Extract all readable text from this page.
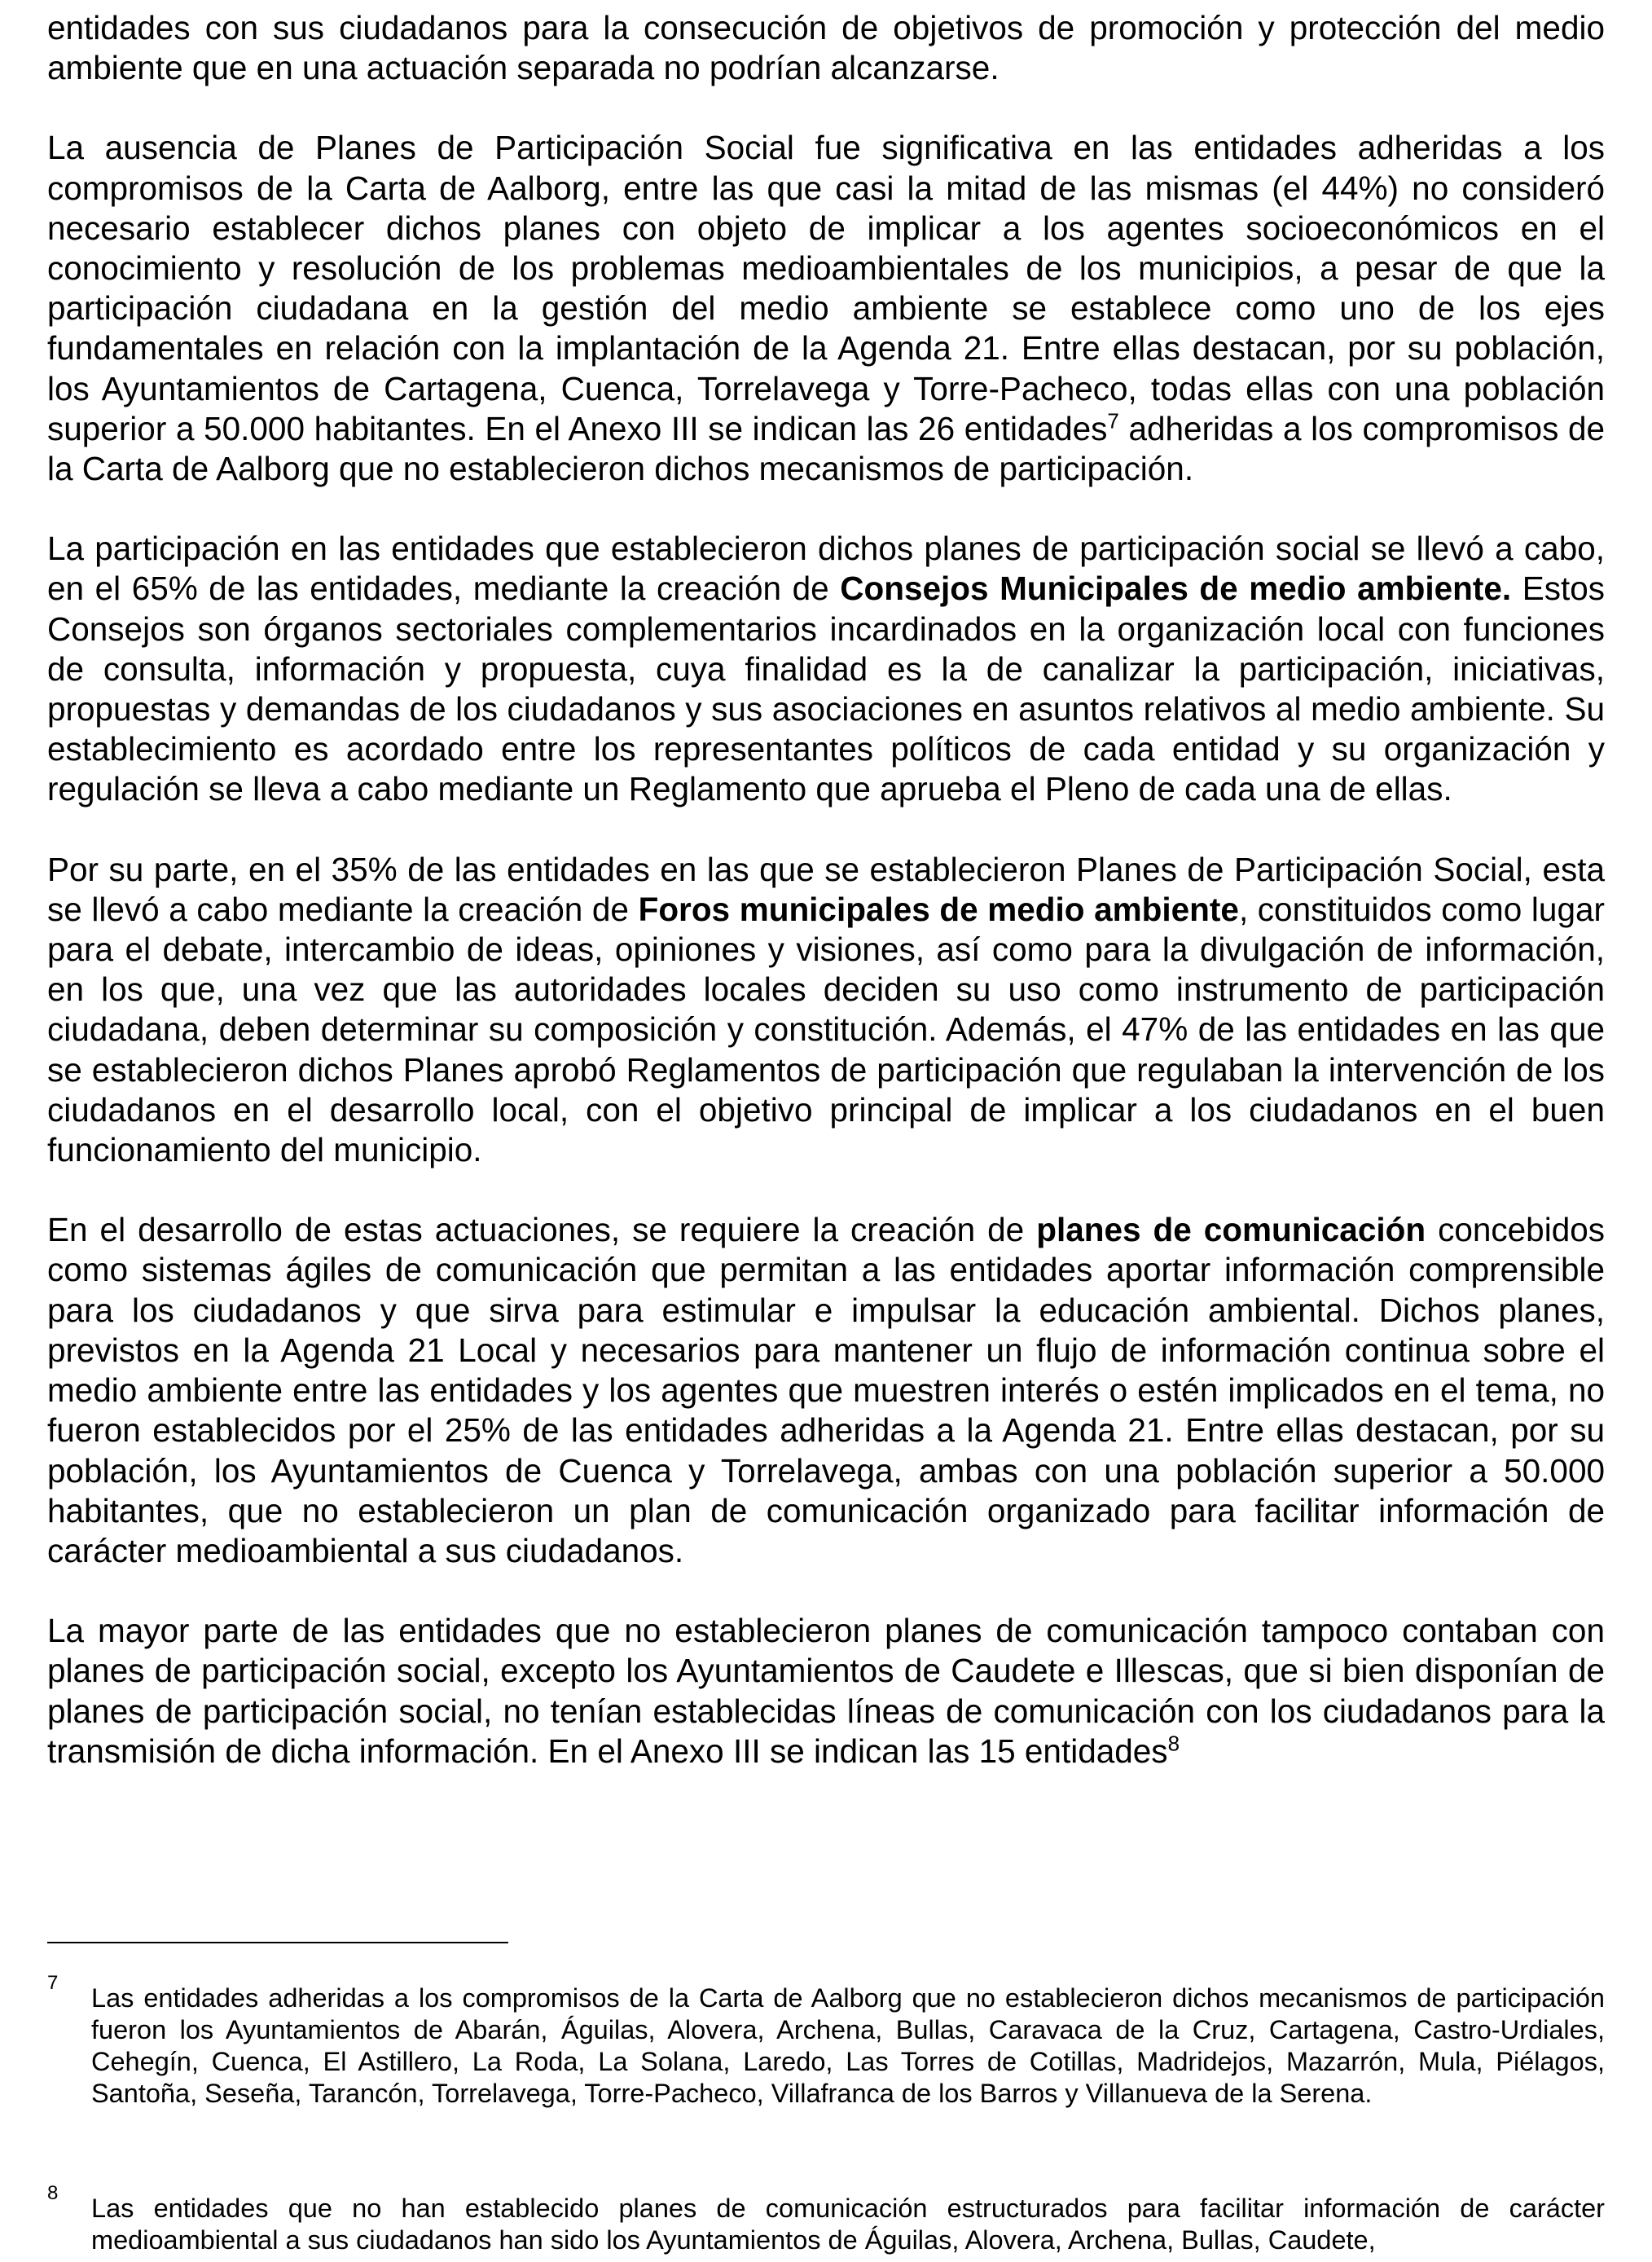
entidades con sus ciudadanos para la consecución de objetivos de promoción y protección del medio ambiente que en una actuación separada no podrían alcanzarse.

La ausencia de Planes de Participación Social fue significativa en las entidades adheridas a los compromisos de la Carta de Aalborg, entre las que casi la mitad de las mismas (el 44%) no consideró necesario establecer dichos planes con objeto de implicar a los agentes socioeconómicos en el conocimiento y resolución de los problemas medioambientales de los municipios, a pesar de que la participación ciudadana en la gestión del medio ambiente se establece como uno de los ejes fundamentales en relación con la implantación de la Agenda 21. Entre ellas destacan, por su población, los Ayuntamientos de Cartagena, Cuenca, Torrelavega y Torre-Pacheco, todas ellas con una población superior a 50.000 habitantes. En el Anexo III se indican las 26 entidades$^7$ adheridas a los compromisos de la Carta de Aalborg que no establecieron dichos mecanismos de participación.

La participación en las entidades que establecieron dichos planes de participación social se llevó a cabo, en el 65% de las entidades, mediante la creación de Consejos Municipales de medio ambiente. Estos Consejos son órganos sectoriales complementarios incardinados en la organización local con funciones de consulta, información y propuesta, cuya finalidad es la de canalizar la participación, iniciativas, propuestas y demandas de los ciudadanos y sus asociaciones en asuntos relativos al medio ambiente. Su establecimiento es acordado entre los representantes políticos de cada entidad y su organización y regulación se lleva a cabo mediante un Reglamento que aprueba el Pleno de cada una de ellas.

Por su parte, en el 35% de las entidades en las que se establecieron Planes de Participación Social, esta se llevó a cabo mediante la creación de Foros municipales de medio ambiente, constituidos como lugar para el debate, intercambio de ideas, opiniones y visiones, así como para la divulgación de información, en los que, una vez que las autoridades locales deciden su uso como instrumento de participación ciudadana, deben determinar su composición y constitución. Además, el 47% de las entidades en las que se establecieron dichos Planes aprobó Reglamentos de participación que regulaban la intervención de los ciudadanos en el desarrollo local, con el objetivo principal de implicar a los ciudadanos en el buen funcionamiento del municipio.

En el desarrollo de estas actuaciones, se requiere la creación de planes de comunicación concebidos como sistemas ágiles de comunicación que permitan a las entidades aportar información comprensible para los ciudadanos y que sirva para estimular e impulsar la educación ambiental. Dichos planes, previstos en la Agenda 21 Local y necesarios para mantener un flujo de información continua sobre el medio ambiente entre las entidades y los agentes que muestren interés o estén implicados en el tema, no fueron establecidos por el 25% de las entidades adheridas a la Agenda 21. Entre ellas destacan, por su población, los Ayuntamientos de Cuenca y Torrelavega, ambas con una población superior a 50.000 habitantes, que no establecieron un plan de comunicación organizado para facilitar información de carácter medioambiental a sus ciudadanos.

La mayor parte de las entidades que no establecieron planes de comunicación tampoco contaban con planes de participación social, excepto los Ayuntamientos de Caudete e Illescas, que si bien disponían de planes de participación social, no tenían establecidas líneas de comunicación con los ciudadanos para la transmisión de dicha información. En el Anexo III se indican las 15 entidades$^8$

7
Las entidades adheridas a los compromisos de la Carta de Aalborg que no establecieron dichos mecanismos de participación fueron los Ayuntamientos de Abarán, Águilas, Alovera, Archena, Bullas, Caravaca de la Cruz, Cartagena, Castro-Urdiales, Cehegín, Cuenca, El Astillero, La Roda, La Solana, Laredo, Las Torres de Cotillas, Madridejos, Mazarrón, Mula, Piélagos, Santoña, Seseña, Tarancón, Torrelavega, Torre-Pacheco, Villafranca de los Barros y Villanueva de la Serena.
8
Las entidades que no han establecido planes de comunicación estructurados para facilitar información de carácter medioambiental a sus ciudadanos han sido los Ayuntamientos de Águilas, Alovera, Archena, Bullas, Caudete,
